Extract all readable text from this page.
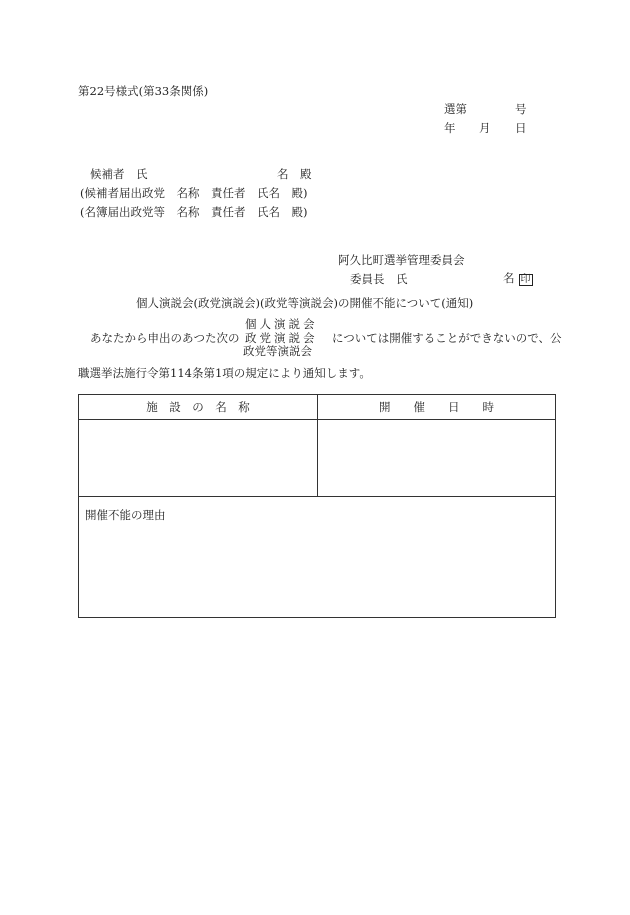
第22号様式(第33条関係)
選第	号
年 月 日
候補者　氏	名　殿
(候補者届出政党　名称　責任者　氏名　殿)
(名簿届出政党等　名称　責任者　氏名　殿)
阿久比町選挙管理委員会
委員長　氏	名 印
個人演説会(政党演説会)(政党等演説会)の開催不能について(通知)
個人演説会
あなたから申出のあつた次の 政党演説会 については開催することができないので、公
政党等演説会
職選挙法施行令第114条第1項の規定により通知します。
施　設　の　名　称	開　　催　　日　　時

開催不能の理由	
